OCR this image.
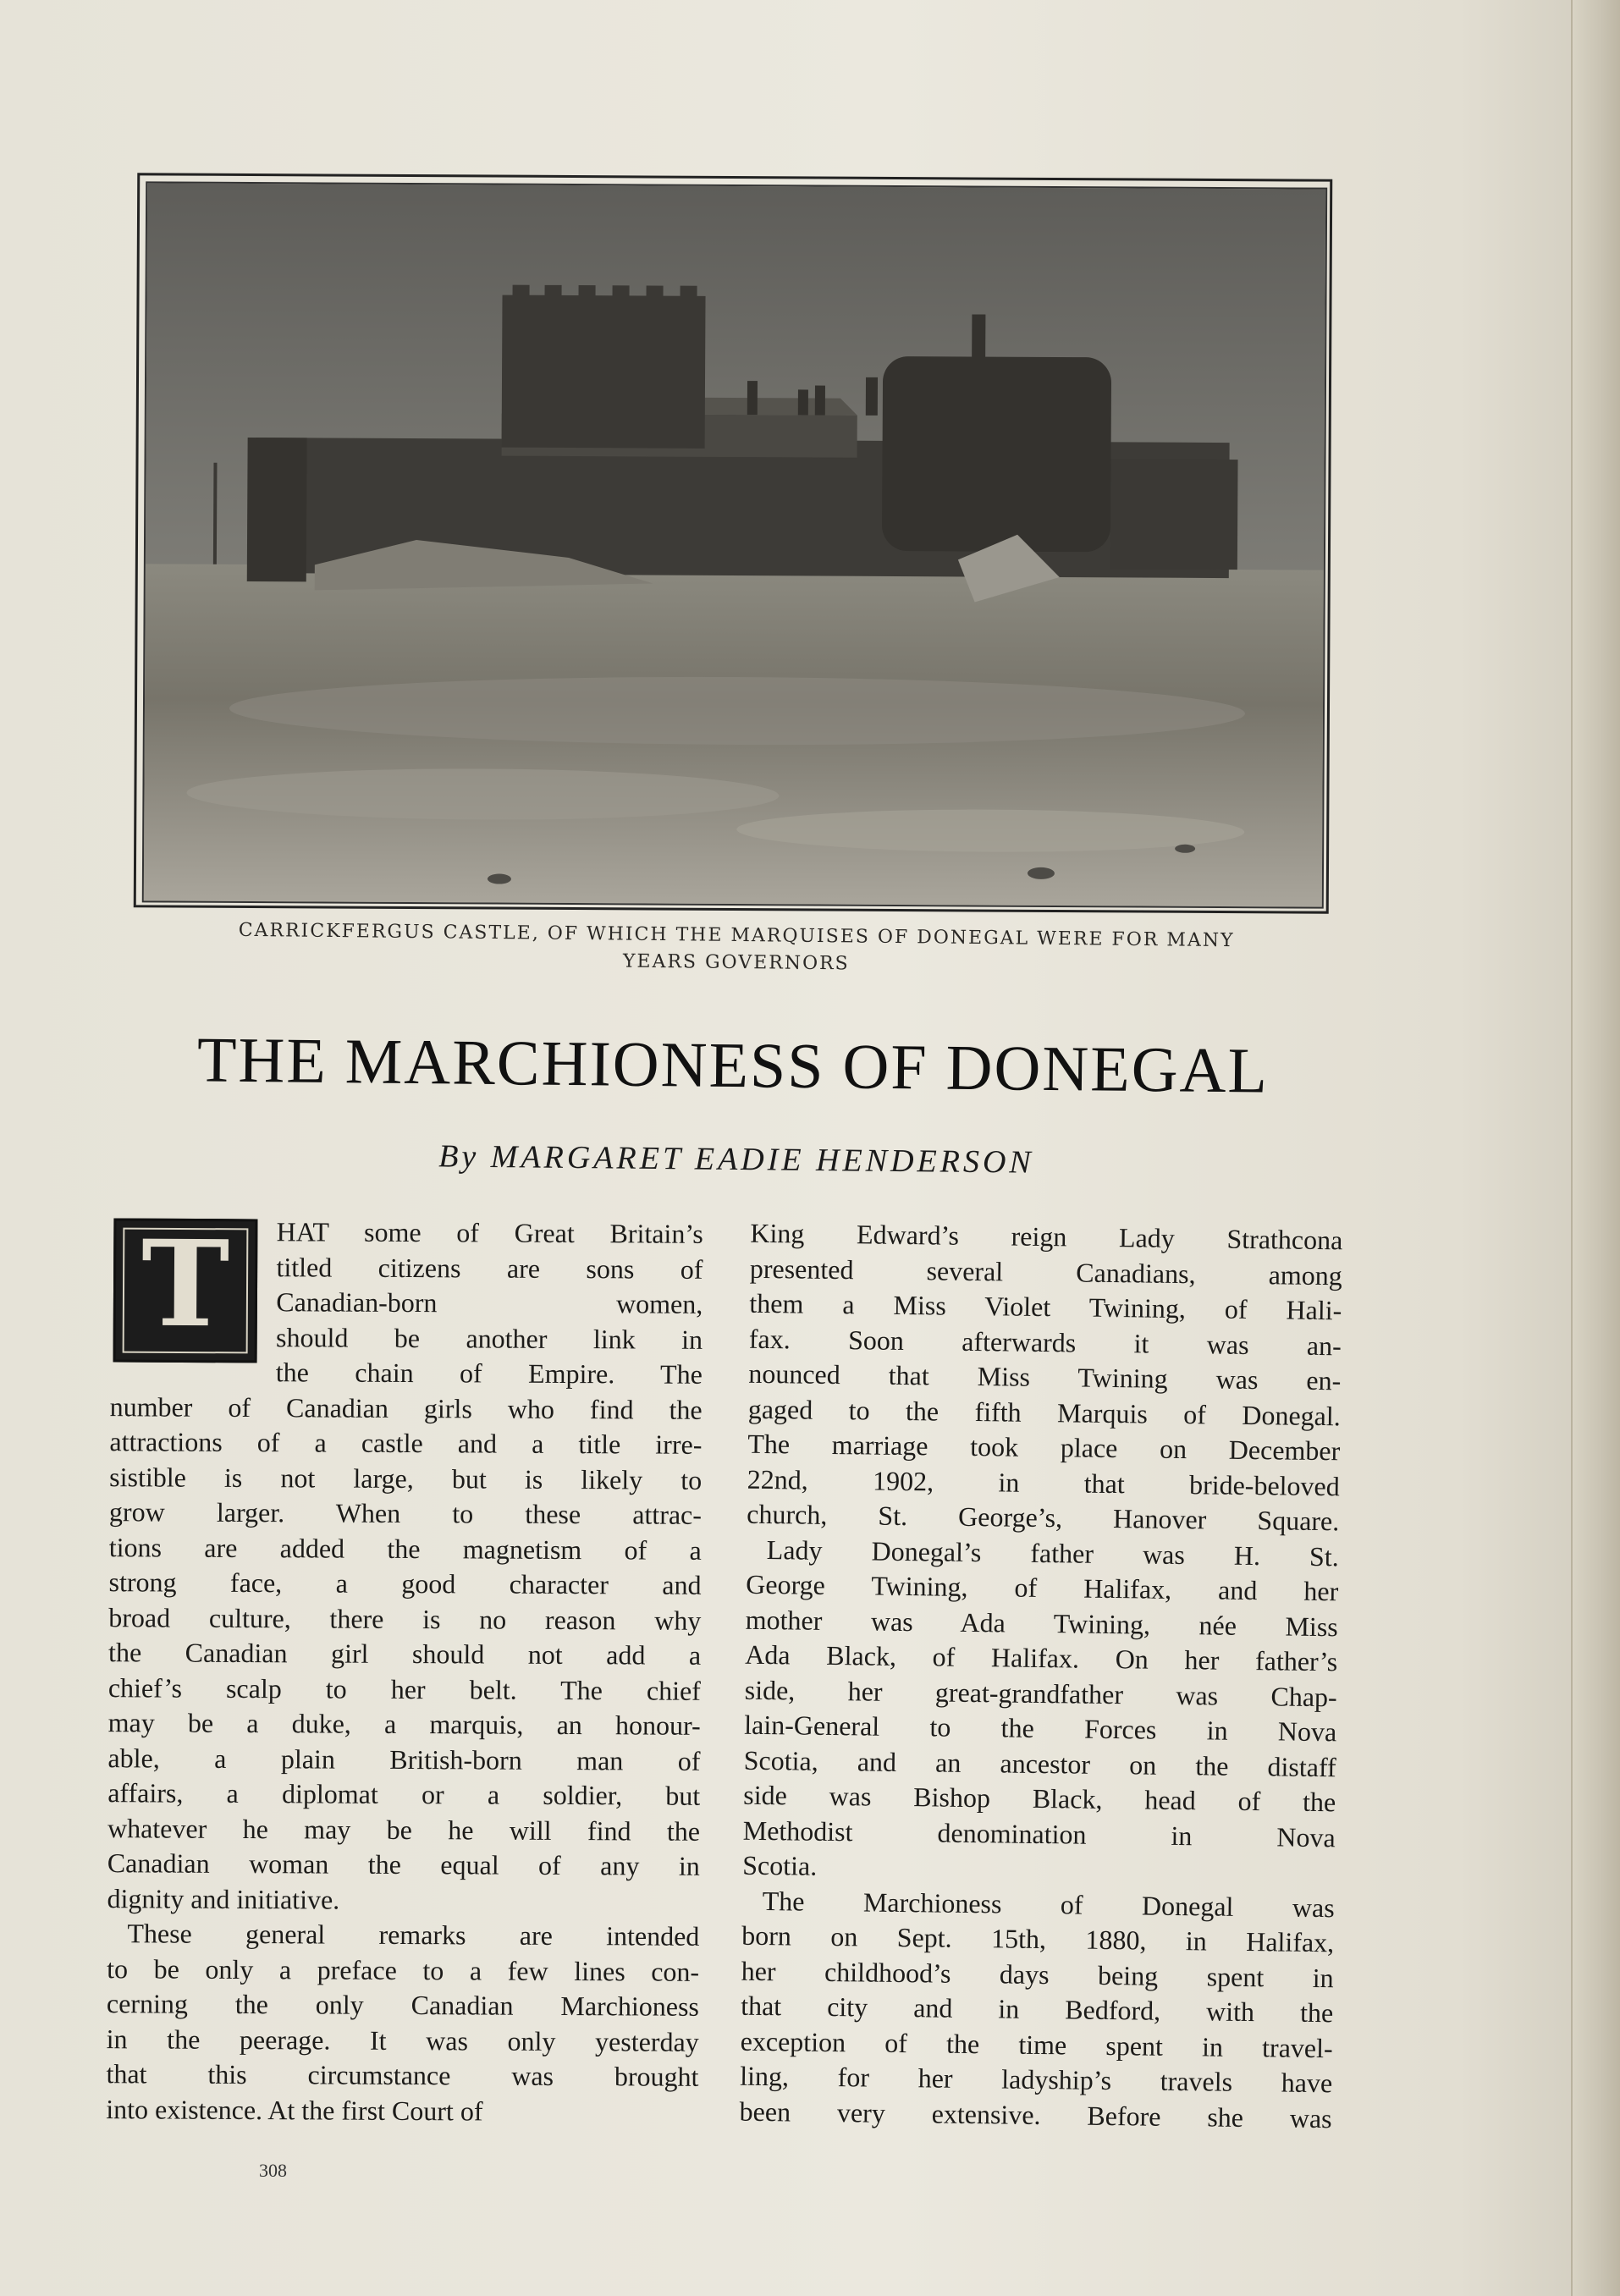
CARRICKFERGUS CASTLE, OF WHICH THE MARQUISES OF DONEGAL WERE FOR MANY
YEARS GOVERNORS
THE MARCHIONESS OF DONEGAL
By MARGARET EADIE HENDERSON
T	HAT some of Great Britain’s
titled citizens are sons of
Canadian-born women,
should be another link in
the chain of Empire. The
number of Canadian girls who find the
attractions of a castle and a title irre-
sistible is not large, but is likely to
grow larger. When to these attrac-
tions are added the magnetism of a
strong face, a good character and
broad culture, there is no reason why
the Canadian girl should not add a
chief’s scalp to her belt. The chief
may be a duke, a marquis, an honour-
able, a plain British-born man of
affairs, a diplomat or a soldier, but
whatever he may be he will find the
Canadian woman the equal of any in
dignity and initiative.
These general remarks are intended
to be only a preface to a few lines con-
cerning the only Canadian Marchioness
in the peerage. It was only yesterday
that this circumstance was brought
into existence. At the first Court of
King Edward’s reign Lady Strathcona
presented several Canadians, among
them a Miss Violet Twining, of Hali-
fax. Soon afterwards it was an-
nounced that Miss Twining was en-
gaged to the fifth Marquis of Donegal.
The marriage took place on December
22nd, 1902, in that bride-beloved
church, St. George’s, Hanover Square.
Lady Donegal’s father was H. St.
George Twining, of Halifax, and her
mother was Ada Twining, née Miss
Ada Black, of Halifax. On her father’s
side, her great-grandfather was Chap-
lain-General to the Forces in Nova
Scotia, and an ancestor on the distaff
side was Bishop Black, head of the
Methodist denomination in Nova
Scotia.
The Marchioness of Donegal was
born on Sept. 15th, 1880, in Halifax,
her childhood’s days being spent in
that city and in Bedford, with the
exception of the time spent in travel-
ling, for her ladyship’s travels have
been very extensive. Before she was
308
